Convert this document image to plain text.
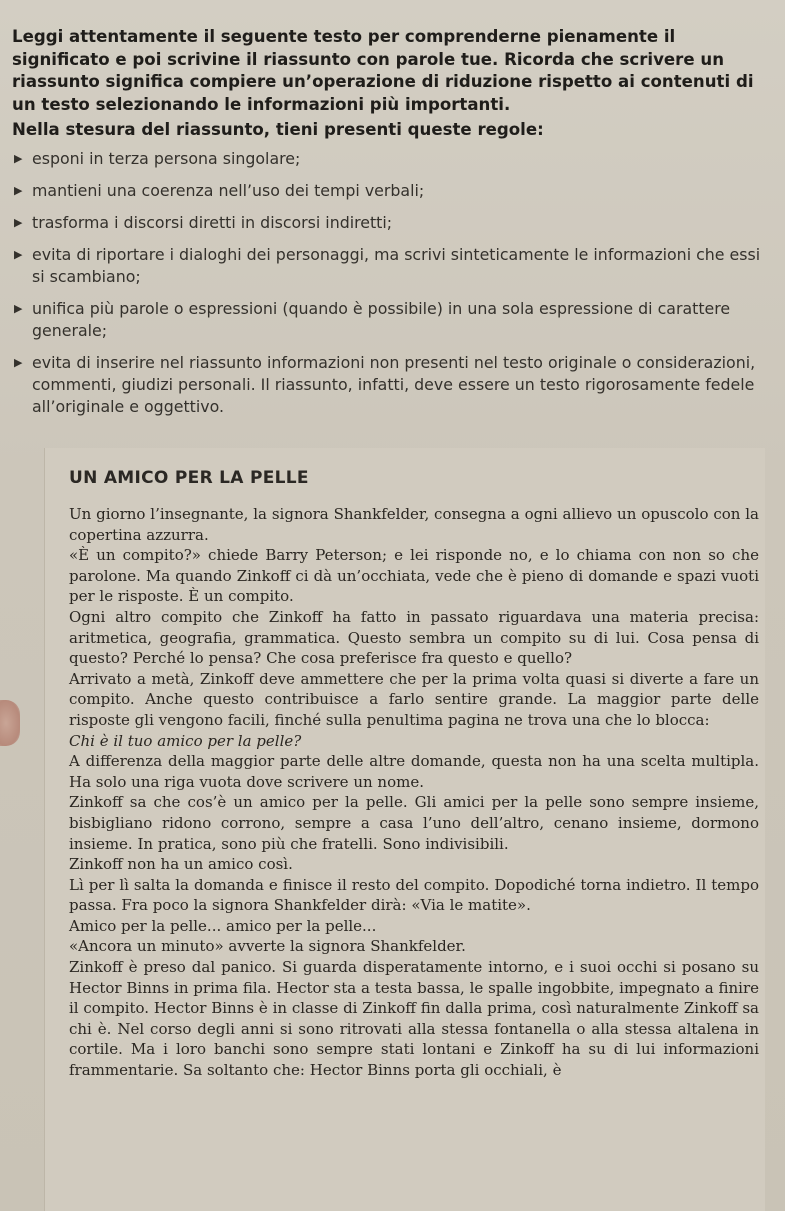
Leggi attentamente il seguente testo per comprenderne pienamente il significato e poi scrivine il riassunto con parole tue. Ricorda che scrivere un riassunto significa compiere un’operazione di riduzione rispetto ai contenuti di un testo selezionando le informazioni più importanti.

Nella stesura del riassunto, tieni presenti queste regole:

▶ esponi in terza persona singolare;
▶ mantieni una coerenza nell’uso dei tempi verbali;
▶ trasforma i discorsi diretti in discorsi indiretti;
▶ evita di riportare i dialoghi dei personaggi, ma scrivi sinteticamente le informazioni che essi si scambiano;
▶ unifica più parole o espressioni (quando è possibile) in una sola espressione di carattere generale;
▶ evita di inserire nel riassunto informazioni non presenti nel testo originale o considerazioni, commenti, giudizi personali. Il riassunto, infatti, deve essere un testo rigorosamente fedele all’originale e oggettivo.
UN AMICO PER LA PELLE

Un giorno l’insegnante, la signora Shankfelder, consegna a ogni allievo un opuscolo con la copertina azzurra.

«È un compito?» chiede Barry Peterson; e lei risponde no, e lo chiama con non so che parolone. Ma quando Zinkoff ci dà un’occhiata, vede che è pieno di domande e spazi vuoti per le risposte. È un compito.

Ogni altro compito che Zinkoff ha fatto in passato riguardava una materia precisa: aritmetica, geografia, grammatica. Questo sembra un compito su di lui. Cosa pensa di questo? Perché lo pensa? Che cosa preferisce fra questo e quello?

Arrivato a metà, Zinkoff deve ammettere che per la prima volta quasi si diverte a fare un compito. Anche questo contribuisce a farlo sentire grande. La maggior parte delle risposte gli vengono facili, finché sulla penultima pagina ne trova una che lo blocca:

Chi è il tuo amico per la pelle?

A differenza della maggior parte delle altre domande, questa non ha una scelta multipla. Ha solo una riga vuota dove scrivere un nome.

Zinkoff sa che cos’è un amico per la pelle. Gli amici per la pelle sono sempre insieme, bisbigliano ridono corrono, sempre a casa l’uno dell’altro, cenano insieme, dormono insieme. In pratica, sono più che fratelli. Sono indivisibili.

Zinkoff non ha un amico così.

Lì per lì salta la domanda e finisce il resto del compito. Dopodiché torna indietro. Il tempo passa. Fra poco la signora Shankfelder dirà: «Via le matite».

Amico per la pelle... amico per la pelle...

«Ancora un minuto» avverte la signora Shankfelder.

Zinkoff è preso dal panico. Si guarda disperatamente intorno, e i suoi occhi si posano su Hector Binns in prima fila. Hector sta a testa bassa, le spalle ingobbite, impegnato a finire il compito. Hector Binns è in classe di Zinkoff fin dalla prima, così naturalmente Zinkoff sa chi è. Nel corso degli anni si sono ritrovati alla stessa fontanella o alla stessa altalena in cortile. Ma i loro banchi sono sempre stati lontani e Zinkoff ha su di lui informazioni frammentarie. Sa soltanto che: Hector Binns porta gli occhiali, è
